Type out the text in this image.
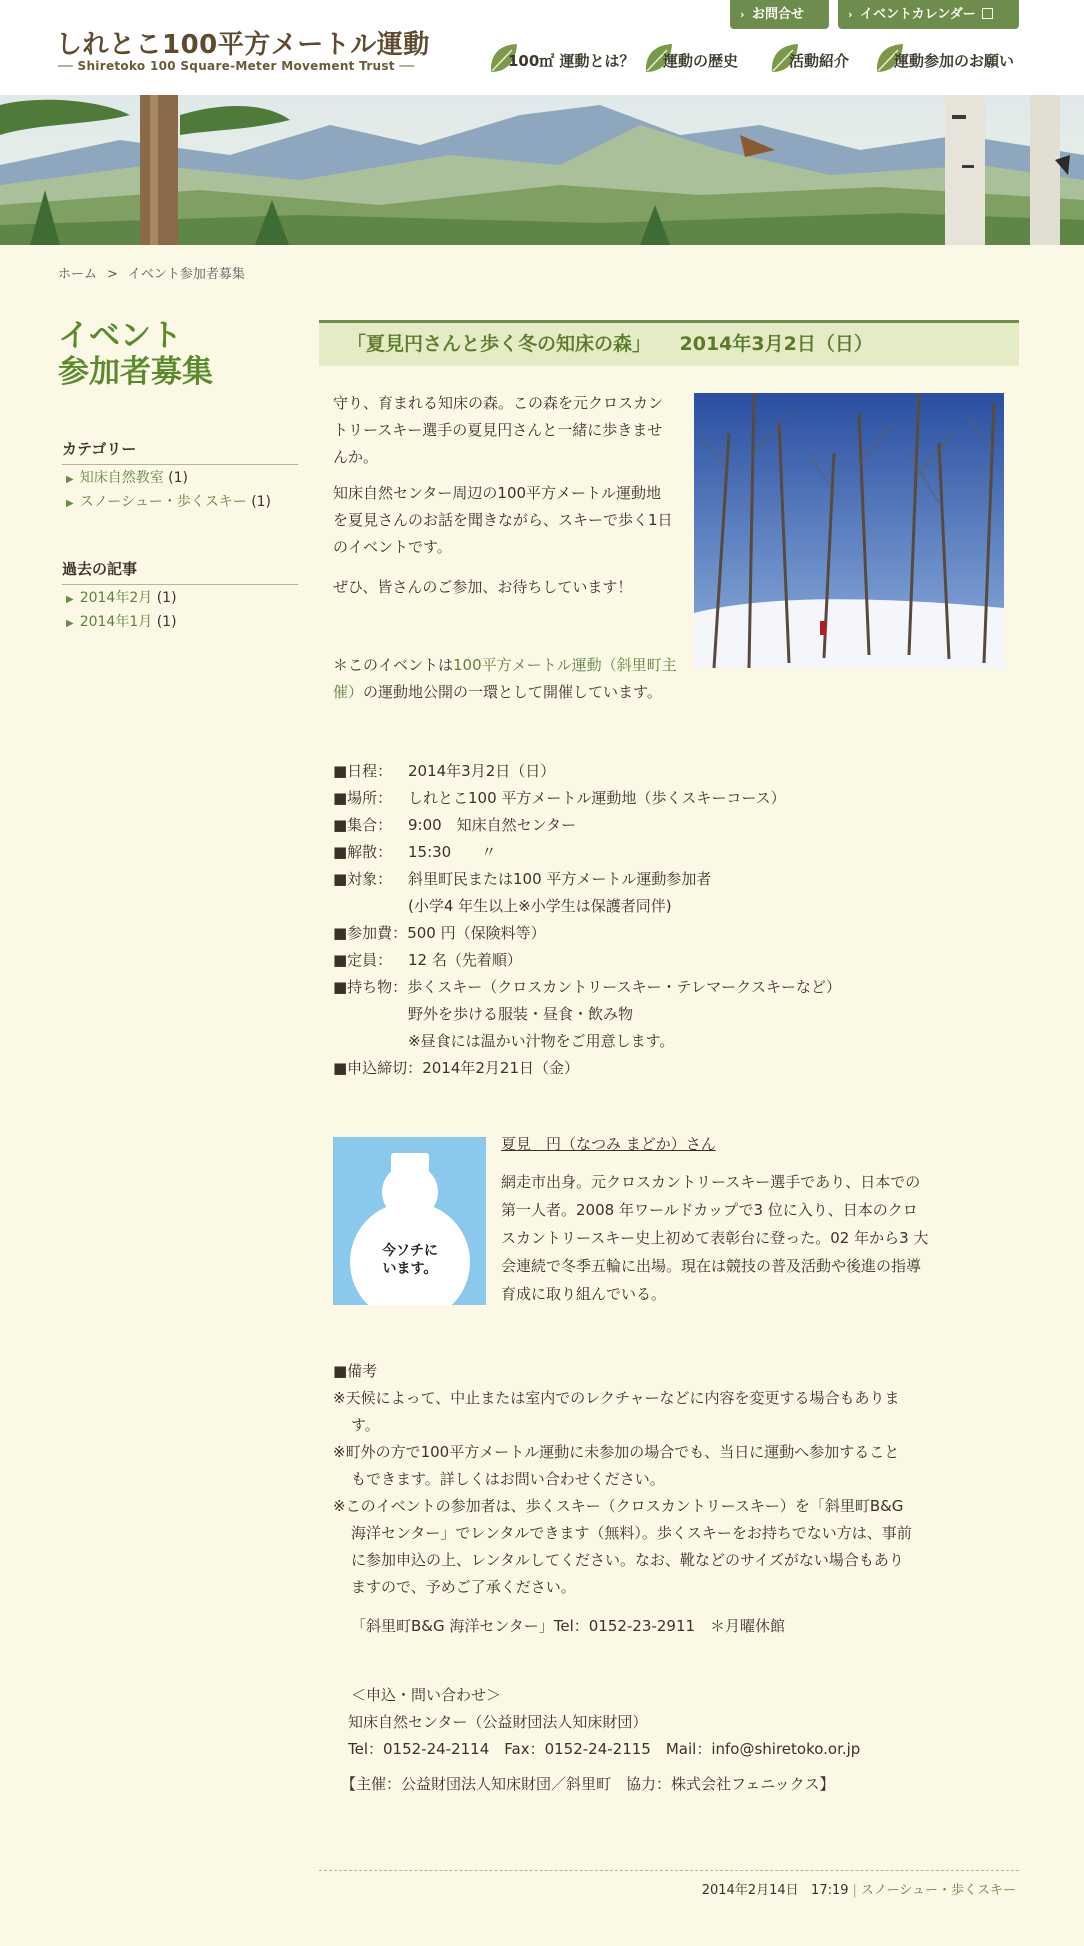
しれとこ100平方メートル運動
── Shiretoko 100 Square-Meter Movement Trust ──
› お問合せ	› イベントカレンダー
100㎡ 運動とは？ 運動の歴史	活動紹介	運動参加のお願い
ホーム > イベント参加者募集
イベント
参加者募集
カテゴリー
▶ 知床自然教室 (1)
▶ スノーシュー・歩くスキー (1)
過去の記事
▶ 2014年2月 (1)
▶ 2014年1月 (1)
「夏見円さんと歩く冬の知床の森」　　2014年3月2日（日）

守り、育まれる知床の森。この森を元クロスカントリースキー選手の夏見円さんと一緒に歩きませんか。

知床自然センター周辺の100平方メートル運動地を夏見さんのお話を聞きながら、スキーで歩く1日のイベントです。

ぜひ、皆さんのご参加、お待ちしています！

＊このイベントは100平方メートル運動（斜里町主催）の運動地公開の一環として開催しています。

■日程：	2014年3月2日（日）
■場所：	しれとこ100 平方メートル運動地（歩くスキーコース）
■集合：	9:00　知床自然センター
■解散：	15:30　　〃
■対象：	斜里町民または100 平方メートル運動参加者
(小学4 年生以上※小学生は保護者同伴)
■参加費： 500 円（保険料等）
■定員：	12 名（先着順）
■持ち物： 歩くスキー（クロスカントリースキー・テレマークスキーなど）
野外を歩ける服装・昼食・飲み物
※昼食には温かい汁物をご用意します。
■申込締切： 2014年2月21日（金）
今ソチに
います。
夏見　円（なつみ まどか）さん

網走市出身。元クロスカントリースキー選手であり、日本での第一人者。2008 年ワールドカップで3 位に入り、日本のクロスカントリースキー史上初めて表彰台に登った。02 年から3 大会連続で冬季五輪に出場。現在は競技の普及活動や後進の指導育成に取り組んでいる。

■備考
※天候によって、中止または室内でのレクチャーなどに内容を変更する場合もあります。
※町外の方で100平方メートル運動に未参加の場合でも、当日に運動へ参加することもできます。詳しくはお問い合わせください。
※このイベントの参加者は、歩くスキー（クロスカントリースキー）を「斜里町B&G 海洋センター」でレンタルできます（無料）。歩くスキーをお持ちでない方は、事前に参加申込の上、レンタルしてください。なお、靴などのサイズがない場合もありますので、予めご了承ください。
「斜里町B&G 海洋センター」Tel：0152-23-2911　＊月曜休館
＜申込・問い合わせ＞
知床自然センター（公益財団法人知床財団）
Tel：0152-24-2114　Fax：0152-24-2115　Mail：info@shiretoko.or.jp
【主催：公益財団法人知床財団／斜里町　協力：株式会社フェニックス】
2014年2月14日 17:19 | スノーシュー・歩くスキー
